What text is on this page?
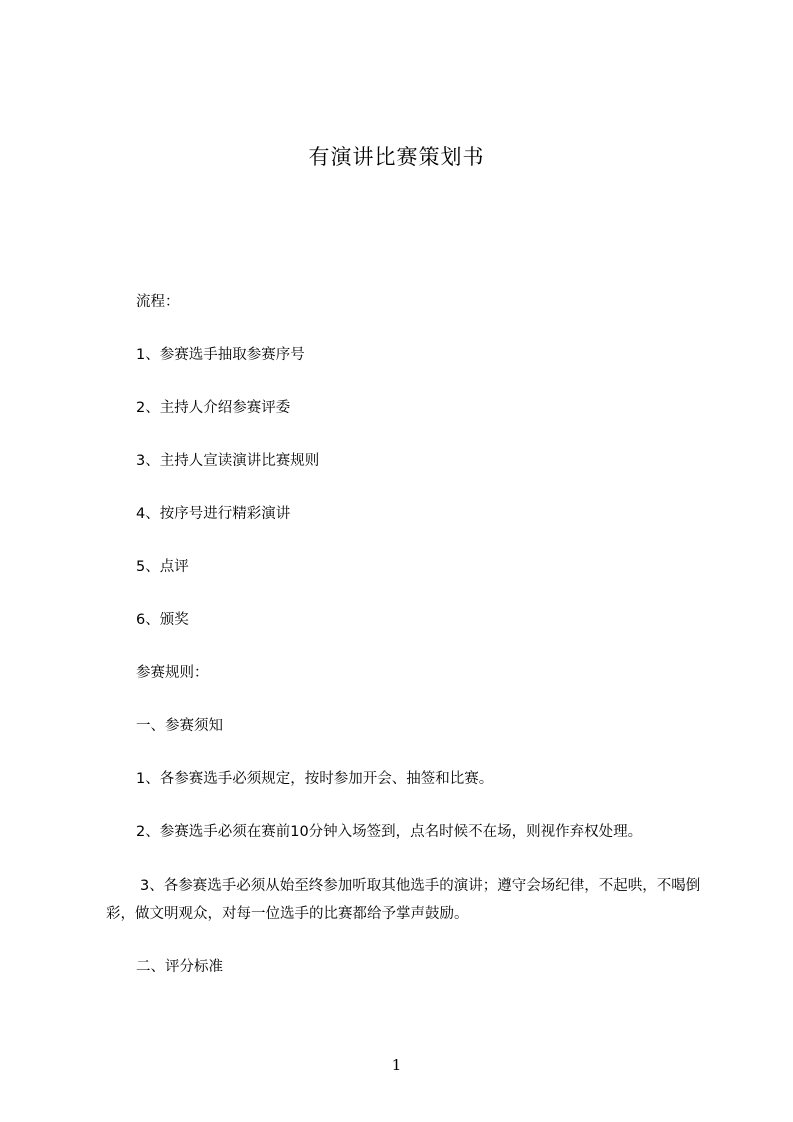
有演讲比赛策划书
流程：
1、参赛选手抽取参赛序号
2、主持人介绍参赛评委
3、主持人宣读演讲比赛规则
4、按序号进行精彩演讲
5、点评
6、颁奖
参赛规则：
一、参赛须知
1、各参赛选手必须规定，按时参加开会、抽签和比赛。
2、参赛选手必须在赛前10分钟入场签到，点名时候不在场，则视作弃权处理。
3、各参赛选手必须从始至终参加听取其他选手的演讲；遵守会场纪律，不起哄，不喝倒彩，做文明观众，对每一位选手的比赛都给予掌声鼓励。
二、评分标准
1
